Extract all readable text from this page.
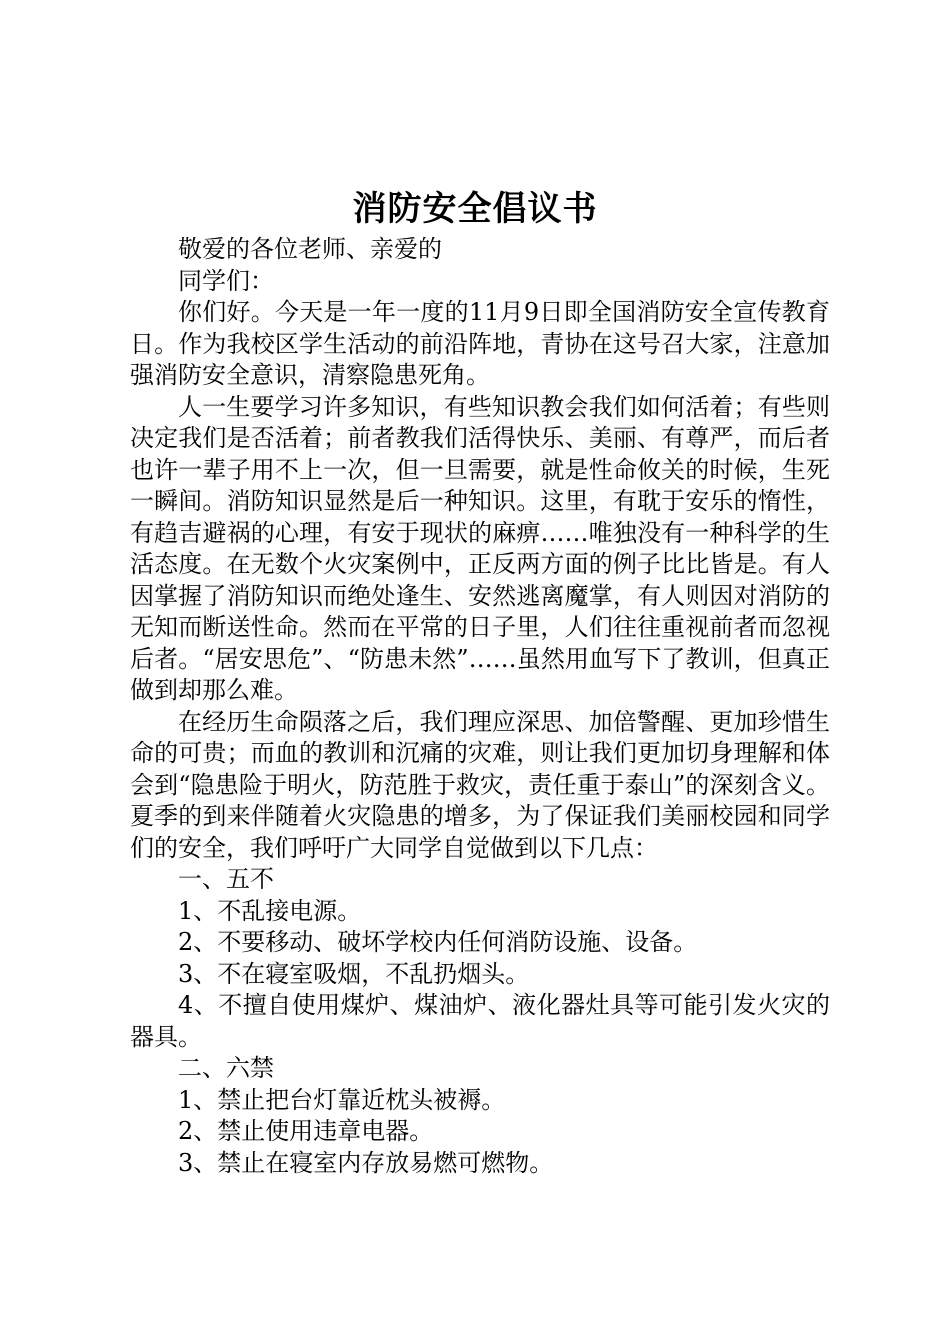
消防安全倡议书

敬爱的各位老师、亲爱的

同学们：

你们好。今天是一年一度的11月9日即全国消防安全宣传教育日。作为我校区学生活动的前沿阵地，青协在这号召大家，注意加强消防安全意识，清察隐患死角。

人一生要学习许多知识，有些知识教会我们如何活着；有些则决定我们是否活着；前者教我们活得快乐、美丽、有尊严，而后者也许一辈子用不上一次，但一旦需要，就是性命攸关的时候，生死一瞬间。消防知识显然是后一种知识。这里，有耽于安乐的惰性，有趋吉避祸的心理，有安于现状的麻痹……唯独没有一种科学的生活态度。在无数个火灾案例中，正反两方面的例子比比皆是。有人因掌握了消防知识而绝处逢生、安然逃离魔掌，有人则因对消防的无知而断送性命。然而在平常的日子里，人们往往重视前者而忽视后者。“居安思危”、“防患未然”……虽然用血写下了教训，但真正做到却那么难。

在经历生命陨落之后，我们理应深思、加倍警醒、更加珍惜生命的可贵；而血的教训和沉痛的灾难，则让我们更加切身理解和体会到“隐患险于明火，防范胜于救灾，责任重于泰山”的深刻含义。夏季的到来伴随着火灾隐患的增多，为了保证我们美丽校园和同学们的安全，我们呼吁广大同学自觉做到以下几点：

一、五不

1、不乱接电源。

2、不要移动、破坏学校内任何消防设施、设备。

3、不在寝室吸烟，不乱扔烟头。

4、不擅自使用煤炉、煤油炉、液化器灶具等可能引发火灾的器具。

二、六禁

1、禁止把台灯靠近枕头被褥。

2、禁止使用违章电器。

3、禁止在寝室内存放易燃可燃物。
